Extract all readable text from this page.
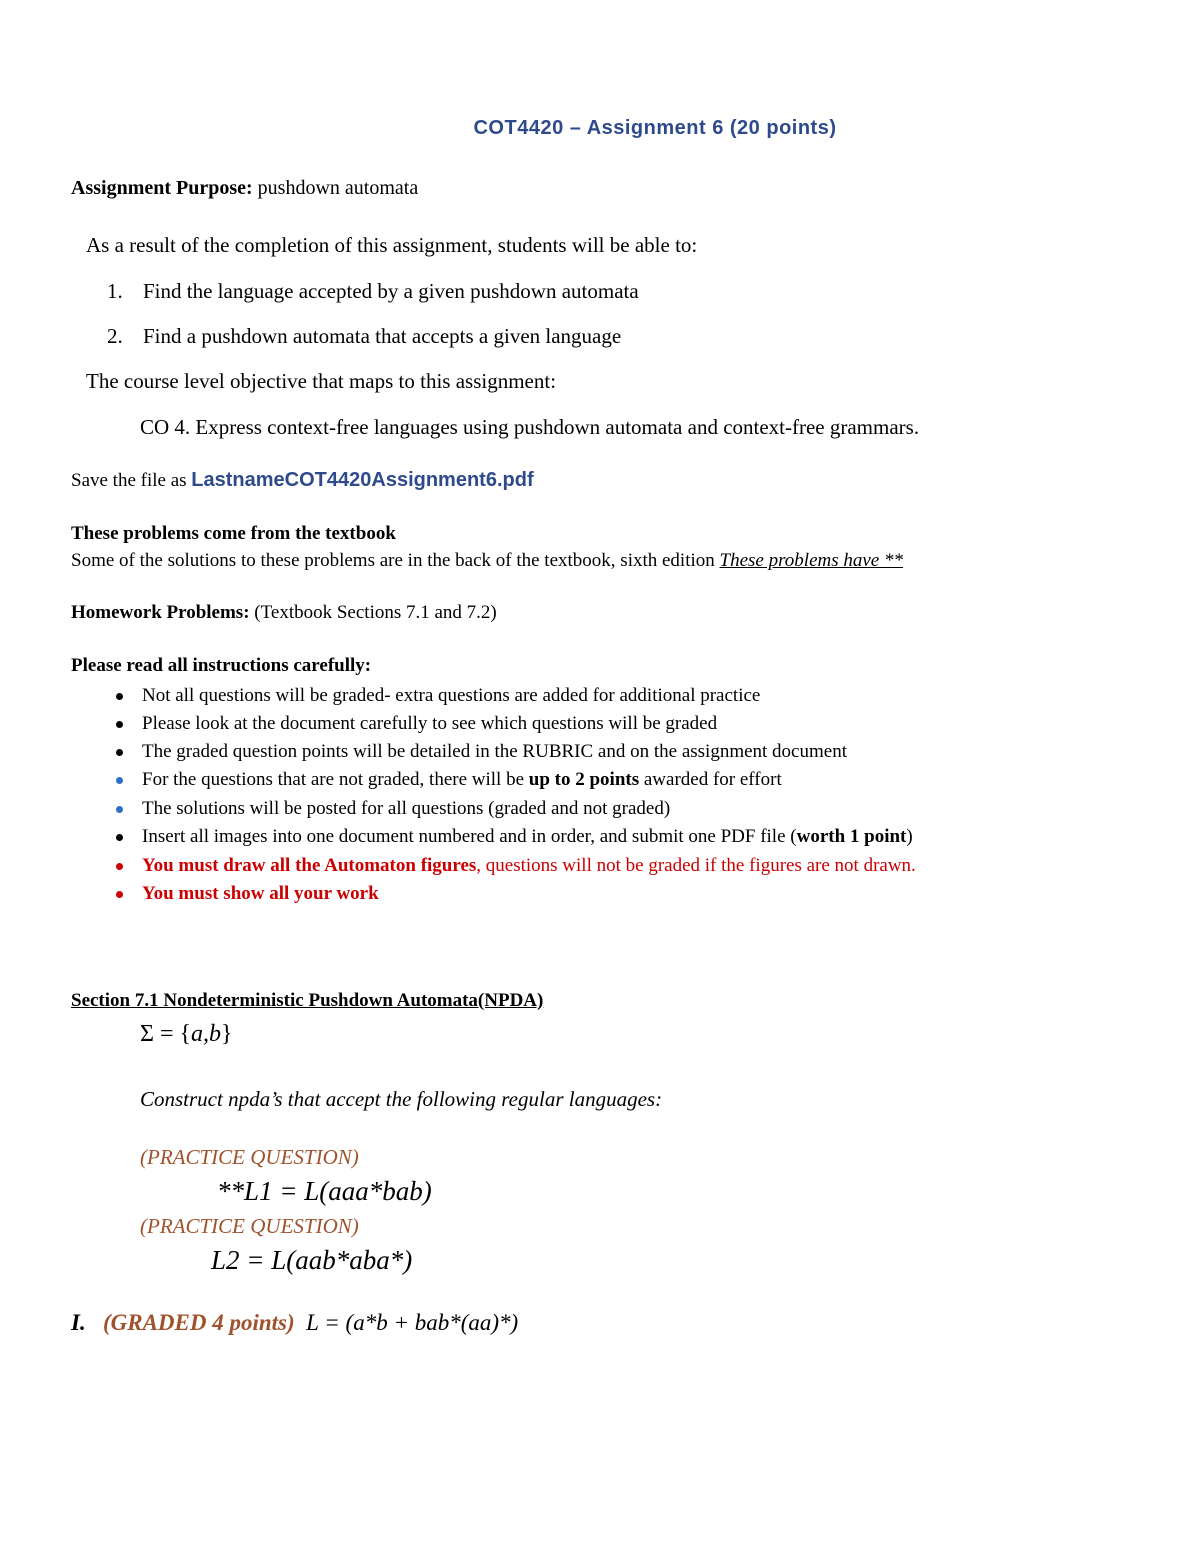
COT4420 – Assignment 6 (20 points)
Assignment Purpose: pushdown automata
As a result of the completion of this assignment, students will be able to:
1. Find the language accepted by a given pushdown automata
2. Find a pushdown automata that accepts a given language
The course level objective that maps to this assignment:
CO 4. Express context-free languages using pushdown automata and context-free grammars.
Save the file as LastnameCOT4420Assignment6.pdf
These problems come from the textbook
Some of the solutions to these problems are in the back of the textbook, sixth edition These problems have **
Homework Problems: (Textbook Sections 7.1 and 7.2)
Please read all instructions carefully:
Not all questions will be graded- extra questions are added for additional practice
Please look at the document carefully to see which questions will be graded
The graded question points will be detailed in the RUBRIC and on the assignment document
For the questions that are not graded, there will be up to 2 points awarded for effort
The solutions will be posted for all questions (graded and not graded)
Insert all images into one document numbered and in order, and submit one PDF file (worth 1 point)
You must draw all the Automaton figures, questions will not be graded if the figures are not drawn.
You must show all your work
Section 7.1 Nondeterministic Pushdown Automata(NPDA)
Σ = {a,b}
Construct npda’s that accept the following regular languages:
(PRACTICE QUESTION)
**L1 = L(aaa*bab)
(PRACTICE QUESTION)
L2 = L(aab*aba*)
I. (GRADED 4 points) L = (a*b + bab*(aa)*)
